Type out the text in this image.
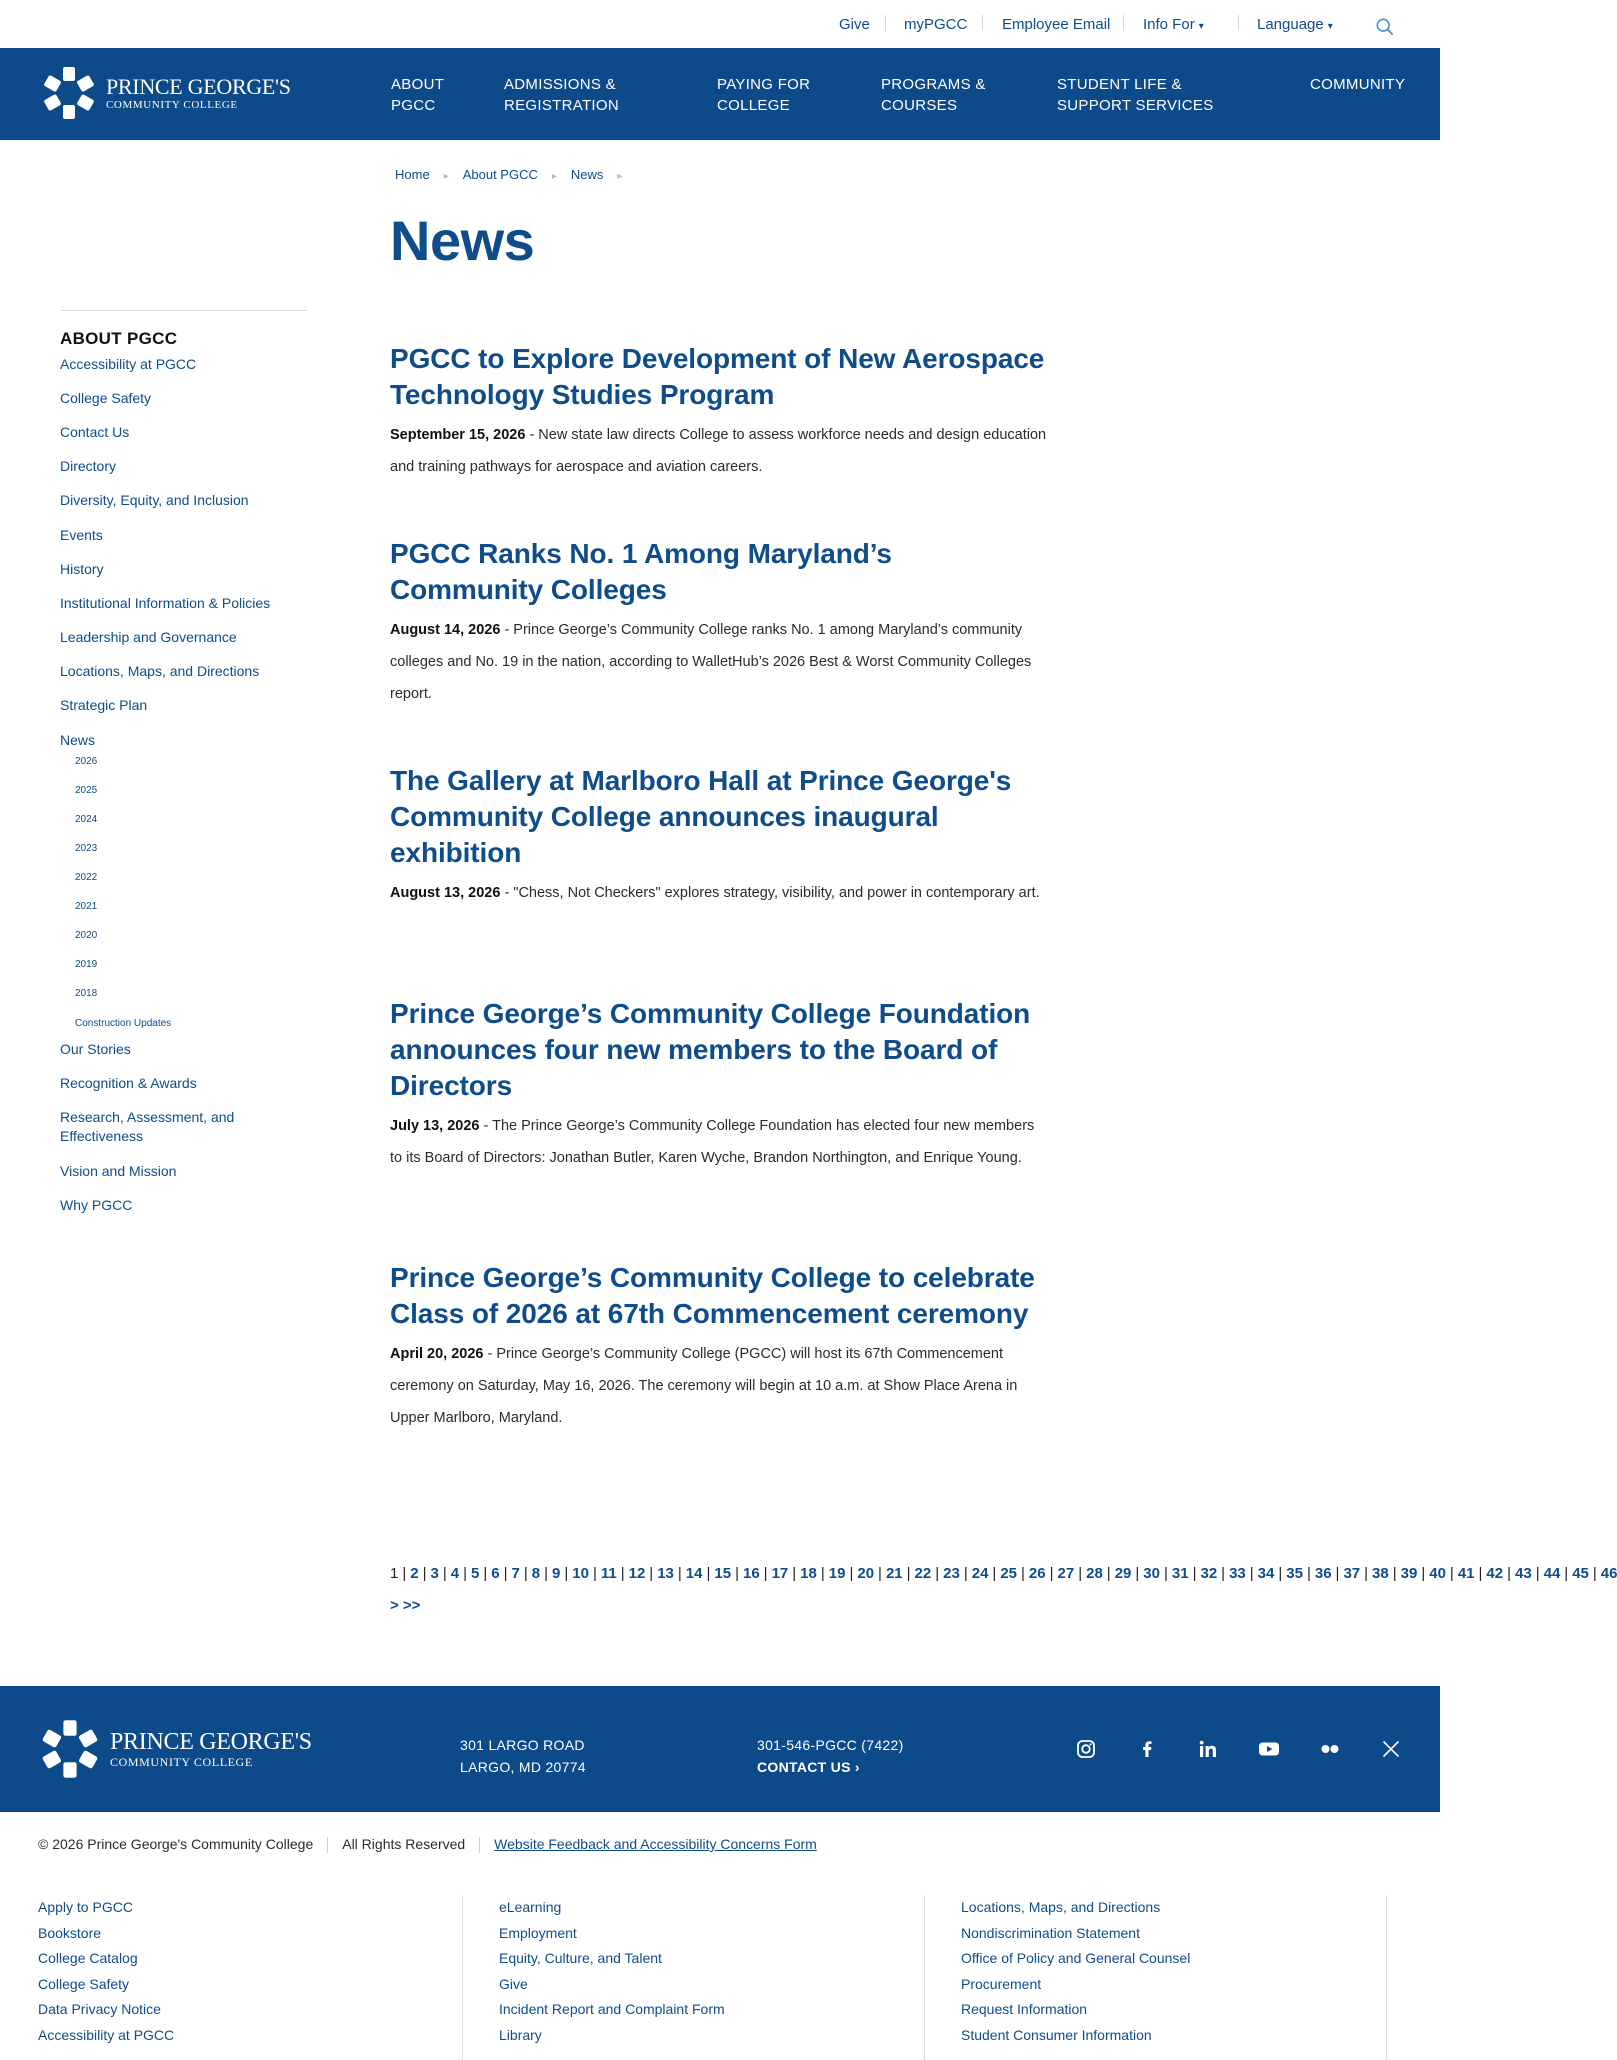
Give myPGCC Employee Email Info For ▾	Language ▾
PRINCE GEORGE'S
COMMUNITY COLLEGE
ABOUT PGCC
ADMISSIONS & REGISTRATION
PAYING FOR COLLEGE
PROGRAMS & COURSES
STUDENT LIFE & SUPPORT SERVICES
COMMUNITY
Home ▸ About PGCC ▸ News ▸
News
ABOUT PGCC
Accessibility at PGCC
College Safety
Contact Us
Directory
Diversity, Equity, and Inclusion
Events
History
Institutional Information & Policies
Leadership and Governance
Locations, Maps, and Directions
Strategic Plan
News
2026
2025
2024
2023
2022
2021
2020
2019
2018
Construction Updates
Our Stories
Recognition & Awards
Research, Assessment, and Effectiveness
Vision and Mission
Why PGCC
PGCC to Explore Development of New Aerospace Technology Studies Program

September 15, 2026 - New state law directs College to assess workforce needs and design education and training pathways for aerospace and aviation careers.

PGCC Ranks No. 1 Among Maryland’s Community Colleges

August 14, 2026 - Prince George’s Community College ranks No. 1 among Maryland’s community colleges and No. 19 in the nation, according to WalletHub’s 2026 Best & Worst Community Colleges report.

The Gallery at Marlboro Hall at Prince George's Community College announces inaugural exhibition

August 13, 2026 - "Chess, Not Checkers" explores strategy, visibility, and power in contemporary art.

Prince George’s Community College Foundation announces four new members to the Board of Directors

July 13, 2026 - The Prince George’s Community College Foundation has elected four new members to its Board of Directors: Jonathan Butler, Karen Wyche, Brandon Northington, and Enrique Young.

Prince George’s Community College to celebrate Class of 2026 at 67th Commencement ceremony

April 20, 2026 - Prince George’s Community College (PGCC) will host its 67th Commencement ceremony on Saturday, May 16, 2026. The ceremony will begin at 10 a.m. at Show Place Arena in Upper Marlboro, Maryland.

1 | 2 | 3 | 4 | 5 | 6 | 7 | 8 | 9 | 10 | 11 | 12 | 13 | 14 | 15 | 16 | 17 | 18 | 19 | 20 | 21 | 22 | 23 | 24 | 25 | 26 | 27 | 28 | 29 | 30 | 31 | 32 | 33 | 34 | 35 | 36 | 37 | 38 | 39 | 40 | 41 | 42 | 43 | 44 | 45 | 46 > >>
PRINCE GEORGE'S
COMMUNITY COLLEGE
301 LARGO ROAD
LARGO, MD 20774
301-546-PGCC (7422)
CONTACT US ›
© 2026 Prince George's Community College All Rights Reserved Website Feedback and Accessibility Concerns Form
Apply to PGCC
Bookstore
College Catalog
College Safety
Data Privacy Notice
Accessibility at PGCC
eLearning
Employment
Equity, Culture, and Talent
Give
Incident Report and Complaint Form
Library
Locations, Maps, and Directions
Nondiscrimination Statement
Office of Policy and General Counsel
Procurement
Request Information
Student Consumer Information
